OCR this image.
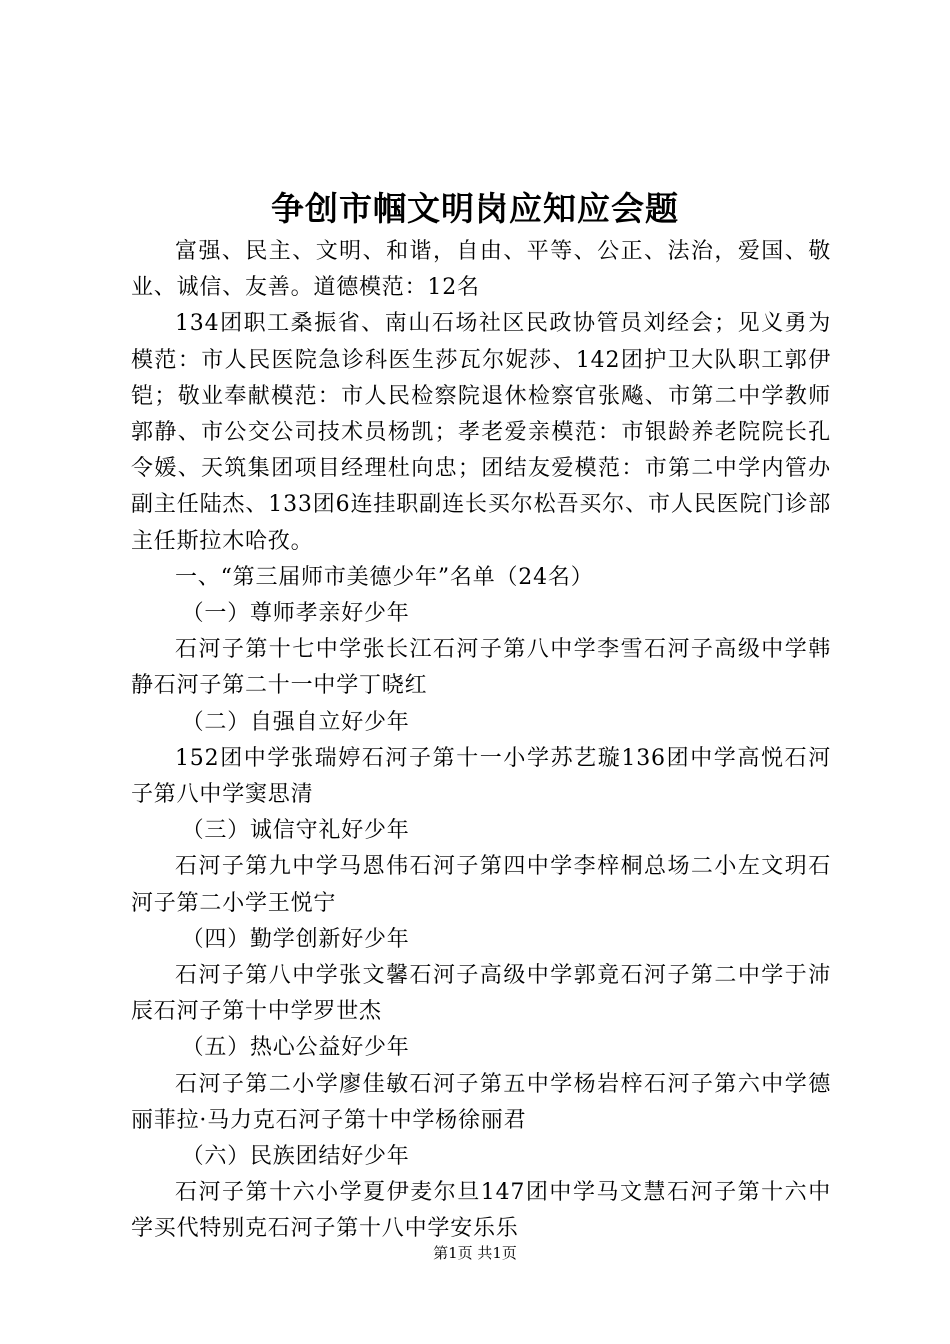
争创市帼文明岗应知应会题

富强、民主、文明、和谐，自由、平等、公正、法治，爱国、敬业、诚信、友善。道德模范：12名

134团职工桑振省、南山石场社区民政协管员刘经会；见义勇为模范：市人民医院急诊科医生莎瓦尔妮莎、142团护卫大队职工郭伊铠；敬业奉献模范：市人民检察院退休检察官张飚、市第二中学教师郭静、市公交公司技术员杨凯；孝老爱亲模范：市银龄养老院院长孔令媛、天筑集团项目经理杜向忠；团结友爱模范：市第二中学内管办副主任陆杰、133团6连挂职副连长买尔松吾买尔、市人民医院门诊部主任斯拉木哈孜。

一、“第三届师市美德少年”名单（24名）

（一）尊师孝亲好少年

石河子第十七中学张长江石河子第八中学李雪石河子高级中学韩静石河子第二十一中学丁晓红

（二）自强自立好少年

152团中学张瑞婷石河子第十一小学苏艺璇136团中学高悦石河子第八中学窦思清

（三）诚信守礼好少年

石河子第九中学马恩伟石河子第四中学李梓桐总场二小左文玥石河子第二小学王悦宁

（四）勤学创新好少年

石河子第八中学张文馨石河子高级中学郭竟石河子第二中学于沛辰石河子第十中学罗世杰

（五）热心公益好少年

石河子第二小学廖佳敏石河子第五中学杨岩梓石河子第六中学德丽菲拉·马力克石河子第十中学杨徐丽君

（六）民族团结好少年

石河子第十六小学夏伊麦尔旦147团中学马文慧石河子第十六中学买代特别克石河子第十八中学安乐乐

第1页 共1页
